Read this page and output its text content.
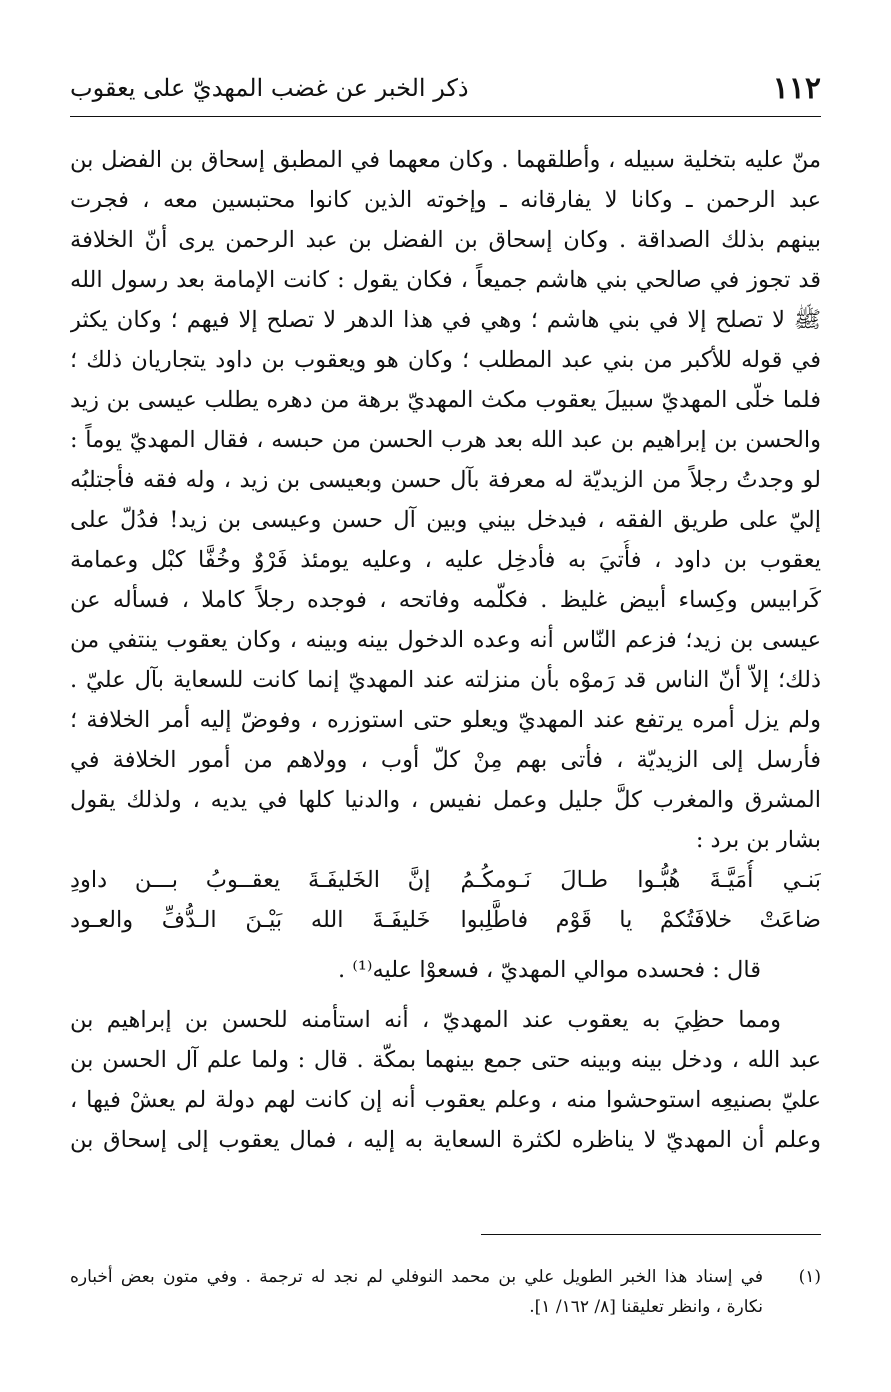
١١٢
ذكر الخبر عن غضب المهديّ على يعقوب
منّ عليه بتخلية سبيله ، وأطلقهما . وكان معهما في المطبق إسحاق بن الفضل بن
عبد الرحمن ـ وكانا لا يفارقانه ـ وإخوته الذين كانوا محتبسين معه ، فجرت
بينهم بذلك الصداقة . وكان إسحاق بن الفضل بن عبد الرحمن يرى أنّ الخلافة
قد تجوز في صالحي بني هاشم جميعاً ، فكان يقول : كانت الإمامة بعد رسول الله
ﷺ لا تصلح إلا في بني هاشم ؛ وهي في هذا الدهر لا تصلح إلا فيهم ؛ وكان يكثر
في قوله للأكبر من بني عبد المطلب ؛ وكان هو ويعقوب بن داود يتجاريان ذلك ؛
فلما خلّى المهديّ سبيلَ يعقوب مكث المهديّ برهة من دهره يطلب عيسى بن زيد
والحسن بن إبراهيم بن عبد الله بعد هرب الحسن من حبسه ، فقال المهديّ يوماً :
لو وجدتُ رجلاً من الزيديّة له معرفة بآل حسن وبعيسى بن زيد ، وله فقه فأجتلبُه
إليّ على طريق الفقه ، فيدخل بيني وبين آل حسن وعيسى بن زيد! فدُلّ على
يعقوب بن داود ، فأُتيَ به فأدخِل عليه ، وعليه يومئذ فَرْوٌ وخُفَّا كبْل وعمامة
كَرابيس وكِساء أبيض غليظ . فكلّمه وفاتحه ، فوجده رجلاً كاملا ، فسأله عن
عيسى بن زيد؛ فزعم النّاس أنه وعده الدخول بينه وبينه ، وكان يعقوب ينتفي من
ذلك؛ إلاّ أنّ الناس قد رَموْه بأن منزلته عند المهديّ إنما كانت للسعاية بآل عليّ .
ولم يزل أمره يرتفع عند المهديّ ويعلو حتى استوزره ، وفوضّ إليه أمر الخلافة ؛
فأرسل إلى الزيديّة ، فأتى بهم مِنْ كلّ أوب ، وولاهم من أمور الخلافة في
المشرق والمغرب كلَّ جليل وعمل نفيس ، والدنيا كلها في يديه ، ولذلك يقول
بشار بن برد :
بَنـي أُمَيَّـةَ هُبُّـوا طـالَ نَـومكُـمُ
إنَّ الخَليفَـةَ يعقــوبُ بـــن داودِ
ضاعَتْ خلافَتُكمْ يا قَوْم فاطَّلِبوا
خَليفَـةَ الله بَيْـنَ الـدُّفِّ والعـود
قال : فحسده موالي المهديّ ، فسعوْا عليه⁽¹⁾ .
ومما حظِيَ به يعقوب عند المهديّ ، أنه استأمنه للحسن بن إبراهيم بن
عبد الله ، ودخل بينه وبينه حتى جمع بينهما بمكّة . قال : ولما علم آل الحسن بن
عليّ بصنيعِه استوحشوا منه ، وعلم يعقوب أنه إن كانت لهم دولة لم يعشْ فيها ،
وعلم أن المهديّ لا يناظره لكثرة السعاية به إليه ، فمال يعقوب إلى إسحاق بن
(١)في إسناد هذا الخبر الطويل علي بن محمد النوفلي لم نجد له ترجمة . وفي متون بعض أخباره
نكارة ، وانظر تعليقنا [٨/ ١٦٢/ ١].
